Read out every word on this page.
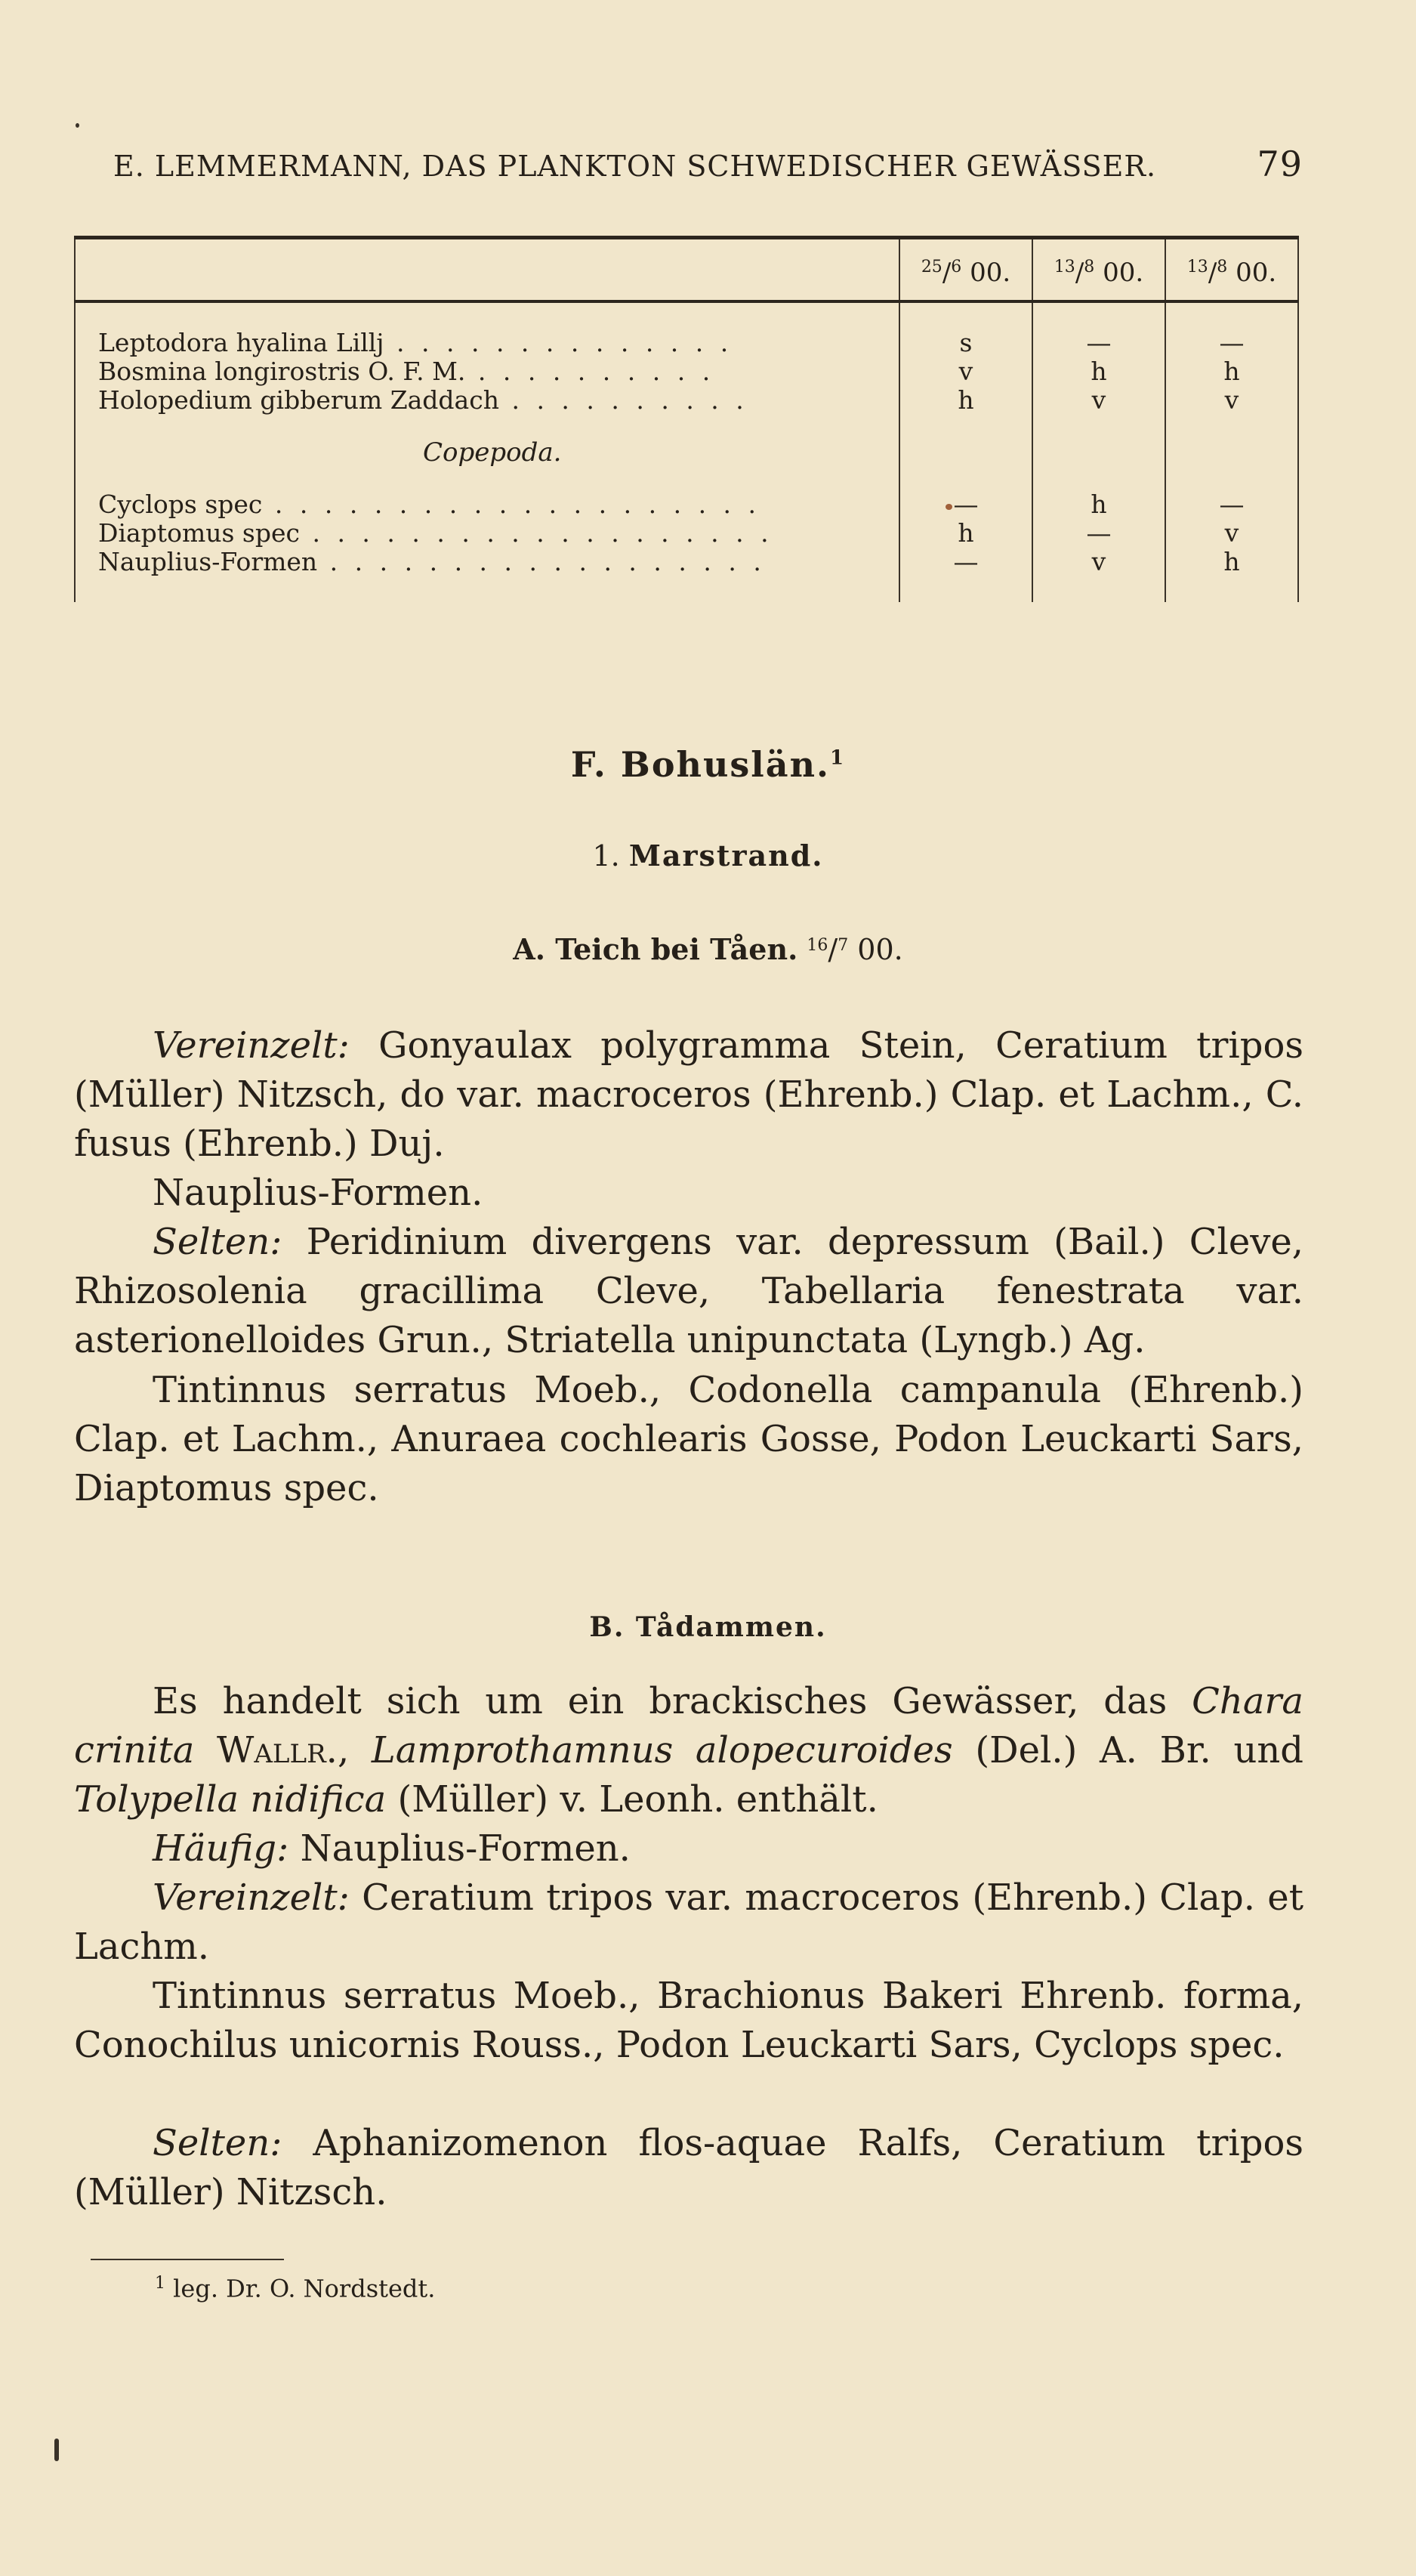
E. LEMMERMANN, DAS PLANKTON SCHWEDISCHER GEWÄSSER.	79
	$^{25}$/$^6$ 00.	$^{13}$/$^8$ 00.	$^{13}$/$^8$ 00.

Leptodora hyalina Lillj . . . . . . . . . . . . . .	s	—	—
Bosmina longirostris O. F. M. . . . . . . . . . .	v	h	h
Holopedium gibberum Zaddach . . . . . . . . . .	h	v	v
Copepoda.			
Cyclops spec . . . . . . . . . . . . . . . . . . . .	—	h	—
Diaptomus spec . . . . . . . . . . . . . . . . . . .	h	—	v
Nauplius-Formen . . . . . . . . . . . . . . . . . .	—	v	h

F. Bohuslän.$^1$
1. Marstrand.
A. Teich bei Tåen. $^{16}$/$^7$ 00.
Vereinzelt: Gonyaulax polygramma Stein, Ceratium tripos (Müller) Nitzsch, do var. macroceros (Ehrenb.) Clap. et Lachm., C. fusus (Ehrenb.) Duj.
Nauplius-Formen.
Selten: Peridinium divergens var. depressum (Bail.) Cleve, Rhizosolenia gracillima Cleve, Tabellaria fenestrata var. asterionelloides Grun., Striatella unipunctata (Lyngb.) Ag.
Tintinnus serratus Moeb., Codonella campanula (Ehrenb.) Clap. et Lachm., Anuraea cochlearis Gosse, Podon Leuckarti Sars, Diaptomus spec.
B. Tådammen.
Es handelt sich um ein brackisches Gewässer, das Chara crinita Wallr., Lamprothamnus alopecuroides (Del.) A. Br. und Tolypella nidifica (Müller) v. Leonh. enthält.
Häufig: Nauplius-Formen.
Vereinzelt: Ceratium tripos var. macroceros (Ehrenb.) Clap. et Lachm.
Tintinnus serratus Moeb., Brachionus Bakeri Ehrenb. forma, Conochilus unicornis Rouss., Podon Leuckarti Sars, Cyclops spec.
Selten: Aphanizomenon flos-aquae Ralfs, Ceratium tripos (Müller) Nitzsch.
$^1$ leg. Dr. O. Nordstedt.
